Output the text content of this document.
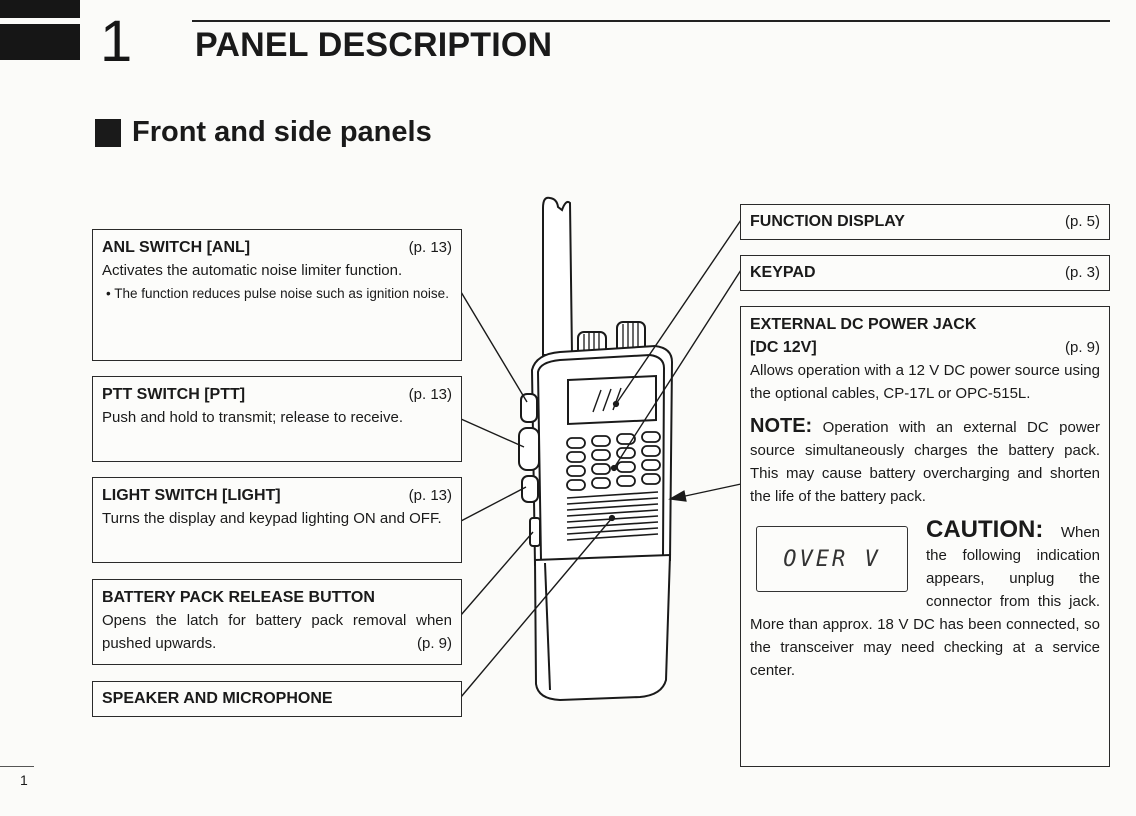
1 PANEL DESCRIPTION
Front and side panels
ANL SWITCH [ANL]	(p. 13)
Activates the automatic noise limiter function.
• The function reduces pulse noise such as ignition noise.
PTT SWITCH [PTT]	(p. 13)
Push and hold to transmit; release to receive.
LIGHT SWITCH [LIGHT]	(p. 13)
Turns the display and keypad lighting ON and OFF.
BATTERY PACK RELEASE BUTTON
Opens the latch for battery pack removal when pushed upwards.	(p. 9)
SPEAKER AND MICROPHONE
FUNCTION DISPLAY	(p. 5)
KEYPAD	(p. 3)
EXTERNAL DC POWER JACK
[DC 12V]	(p. 9)
Allows operation with a 12 V DC power source using the optional cables, CP-17L or OPC-515L.
NOTE: Operation with an external DC power source simultaneously charges the battery pack. This may cause battery overcharging and shorten the life of the battery pack.
CAUTION:
OVER V
When the following indication appears, unplug the connector from this jack. More than approx. 18 V DC has been connected, so the transceiver may need checking at a service center.
1
